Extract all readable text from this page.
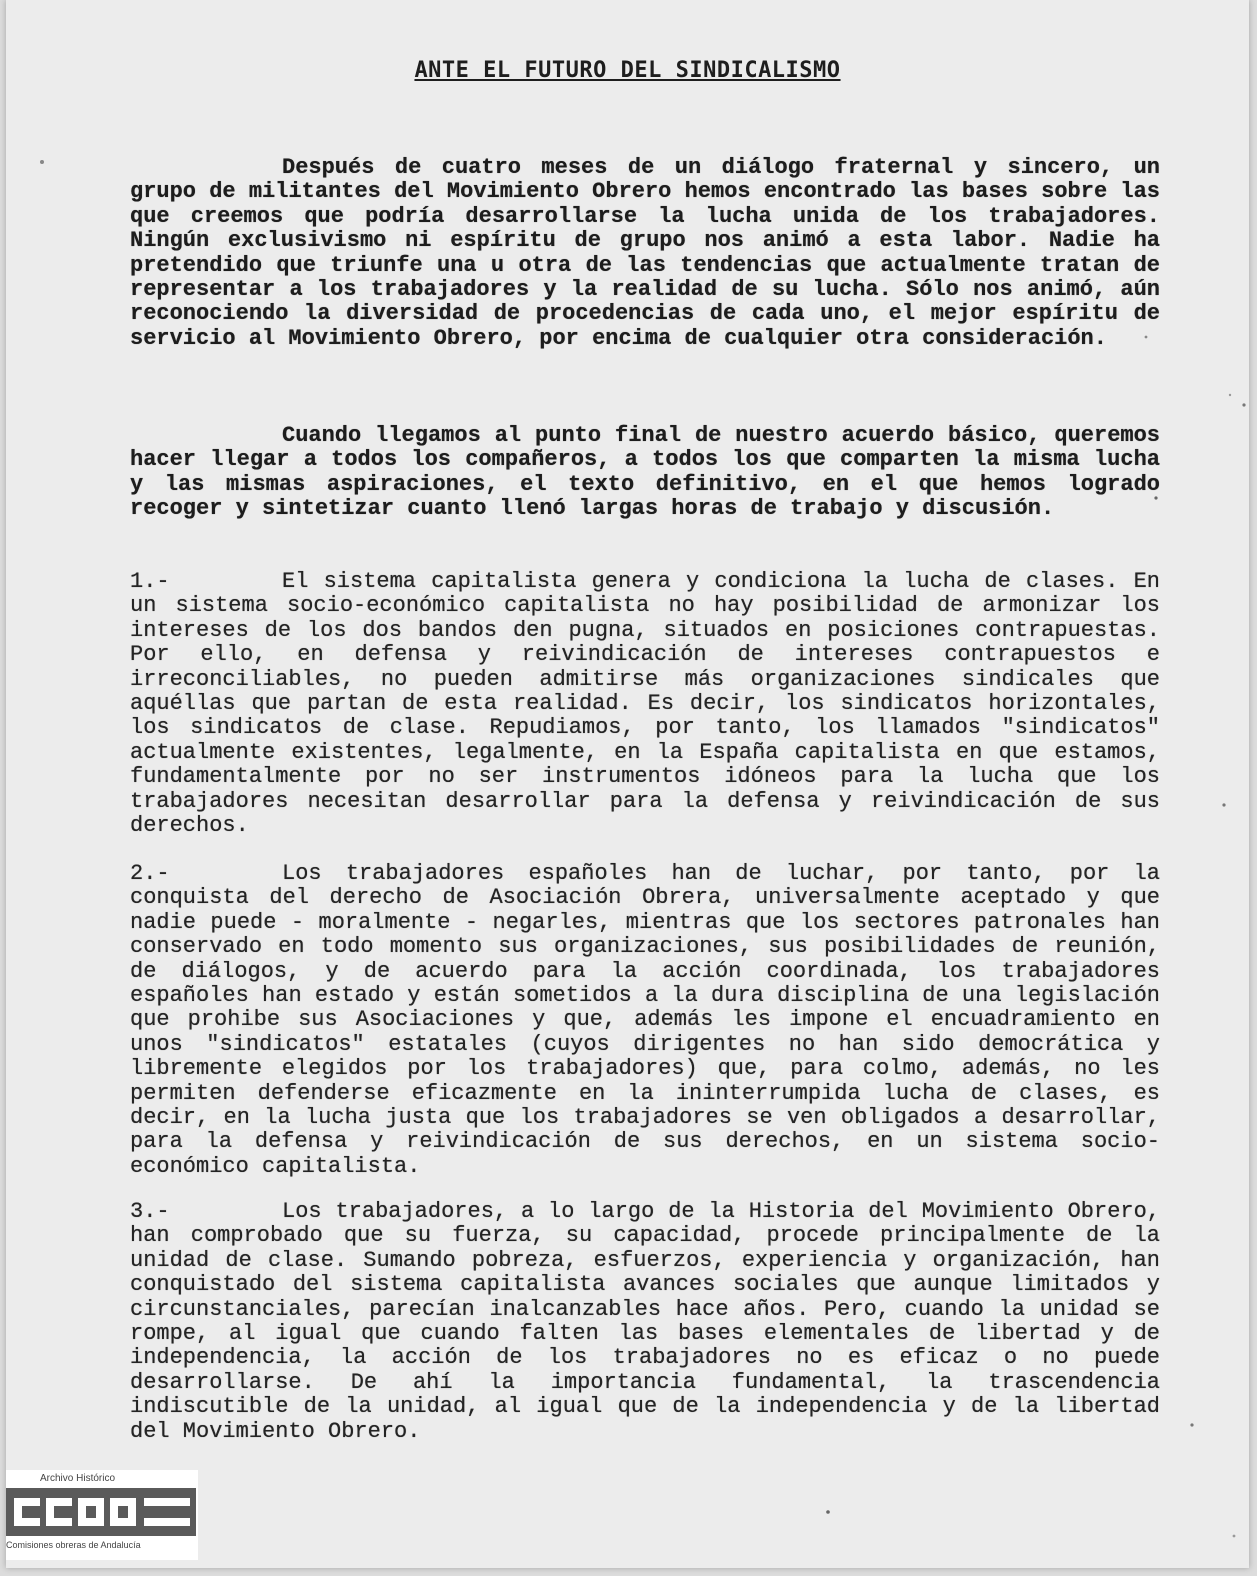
ANTE EL FUTURO DEL SINDICALISMO

Después de cuatro meses de un diálogo fraternal y sincero, un grupo de militantes del Movimiento Obrero hemos encontrado las bases sobre las que creemos que podría desarrollarse la lucha unida de los trabajadores. Ningún exclusivismo ni espíritu de grupo nos animó a esta labor. Nadie ha pretendido que triunfe una u otra de las tendencias que actualmente tratan de representar a los trabajadores y la realidad de su lucha. Sólo nos animó, aún reconociendo la diversidad de procedencias de cada uno, el mejor espíritu de servicio al Movimiento Obrero, por encima de cualquier otra consideración.

Cuando llegamos al punto final de nuestro acuerdo básico, queremos hacer llegar a todos los compañeros, a todos los que comparten la misma lucha y las mismas aspiraciones, el texto definitivo, en el que hemos logrado recoger y sintetizar cuanto llenó largas horas de trabajo y discusión.

1.-	El sistema capitalista genera y condiciona la lucha de clases. En un sistema socio-económico capitalista no hay posibilidad de armonizar los intereses de los dos bandos den pugna, situados en posiciones contrapuestas. Por ello, en defensa y reivindicación de intereses contrapuestos e irreconciliables, no pueden admitirse más organizaciones sindicales que aquéllas que partan de esta realidad. Es decir, los sindicatos horizontales, los sindicatos de clase. Repudiamos, por tanto, los llamados "sindicatos" actualmente existentes, legalmente, en la España capitalista en que estamos, fundamentalmente por no ser instrumentos idóneos para la lucha que los trabajadores necesitan desarrollar para la defensa y reivindicación de sus derechos.

2.-	Los trabajadores españoles han de luchar, por tanto, por la conquista del derecho de Asociación Obrera, universalmente aceptado y que nadie puede - moralmente - negarles, mientras que los sectores patronales han conservado en todo momento sus organizaciones, sus posibilidades de reunión, de diálogos, y de acuerdo para la acción coordinada, los trabajadores españoles han estado y están sometidos a la dura disciplina de una legislación que prohibe sus Asociaciones y que, además les impone el encuadramiento en unos "sindicatos" estatales (cuyos dirigentes no han sido democrática y libremente elegidos por los trabajadores) que, para colmo, además, no les permiten defenderse eficazmente en la ininterrumpida lucha de clases, es decir, en la lucha justa que los trabajadores se ven obligados a desarrollar, para la defensa y reivindicación de sus derechos, en un sistema socio-económico capitalista.

3.-	Los trabajadores, a lo largo de la Historia del Movimiento Obrero, han comprobado que su fuerza, su capacidad, procede principalmente de la unidad de clase. Sumando pobreza, esfuerzos, experiencia y organización, han conquistado del sistema capitalista avances sociales que aunque limitados y circunstanciales, parecían inalcanzables hace años. Pero, cuando la unidad se rompe, al igual que cuando falten las bases elementales de libertad y de independencia, la acción de los trabajadores no es eficaz o no puede desarrollarse. De ahí la importancia fundamental, la trascendencia indiscutible de la unidad, al igual que de la independencia y de la libertad del Movimiento Obrero.

Archivo Histórico
Comisiones obreras de Andalucía
